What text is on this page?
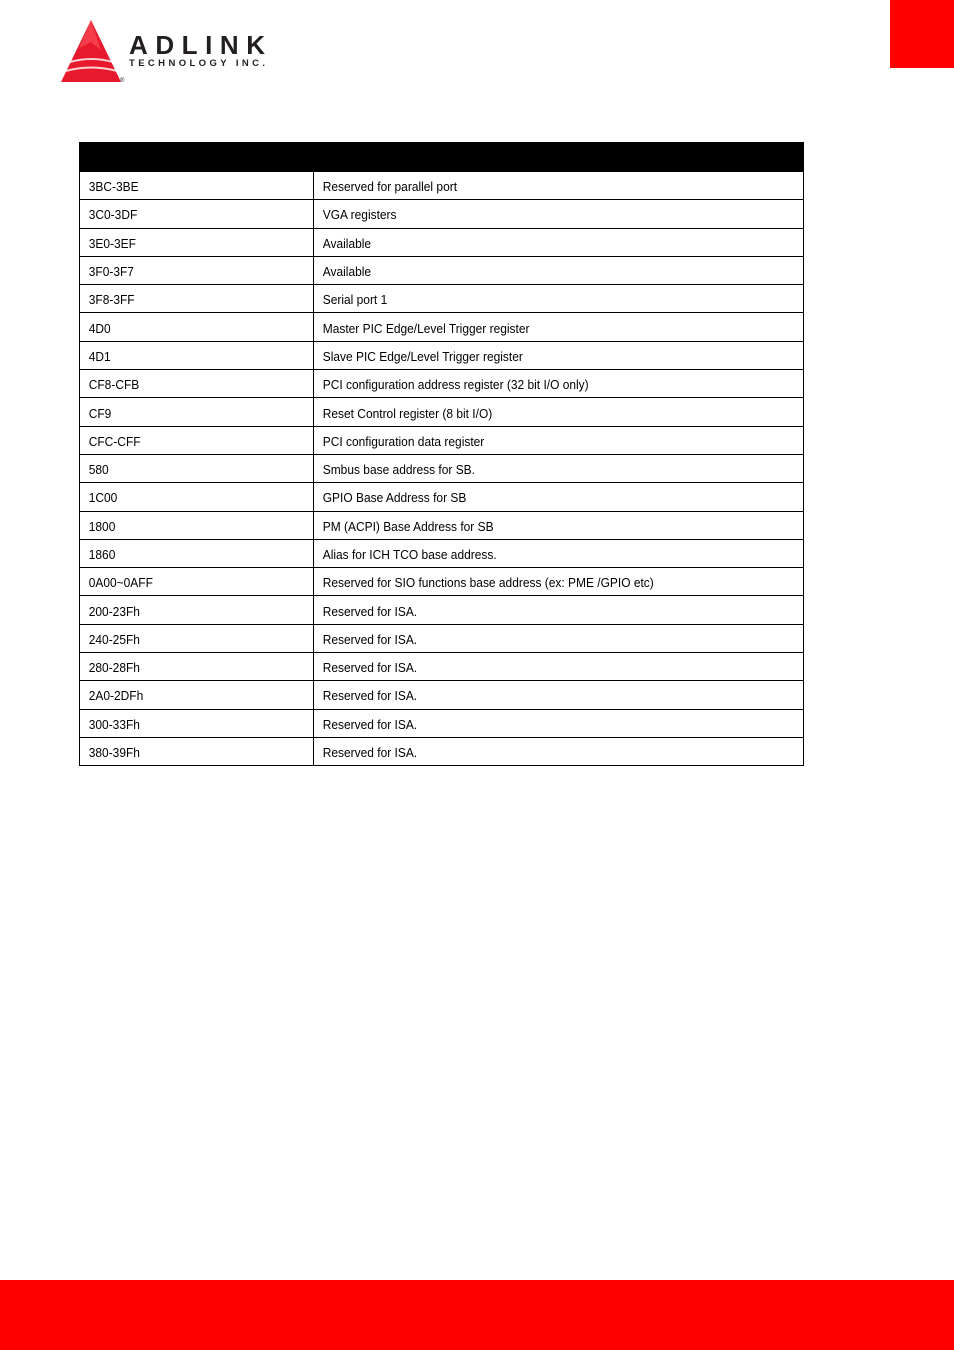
ADLINK
TECHNOLOGY INC.
®

3BC-3BE	Reserved for parallel port
3C0-3DF	VGA registers
3E0-3EF	Available
3F0-3F7	Available
3F8-3FF	Serial port 1
4D0	Master PIC Edge/Level Trigger register
4D1	Slave PIC Edge/Level Trigger register
CF8-CFB	PCI configuration address register (32 bit I/O only)
CF9	Reset Control register (8 bit I/O)
CFC-CFF	PCI configuration data register
580	Smbus base address for SB.
1C00	GPIO Base Address for SB
1800	PM (ACPI) Base Address for SB
1860	Alias for ICH TCO base address.
0A00~0AFF	Reserved for SIO functions base address (ex: PME /GPIO etc)
200-23Fh	Reserved for ISA.
240-25Fh	Reserved for ISA.
280-28Fh	Reserved for ISA.
2A0-2DFh	Reserved for ISA.
300-33Fh	Reserved for ISA.
380-39Fh	Reserved for ISA.
